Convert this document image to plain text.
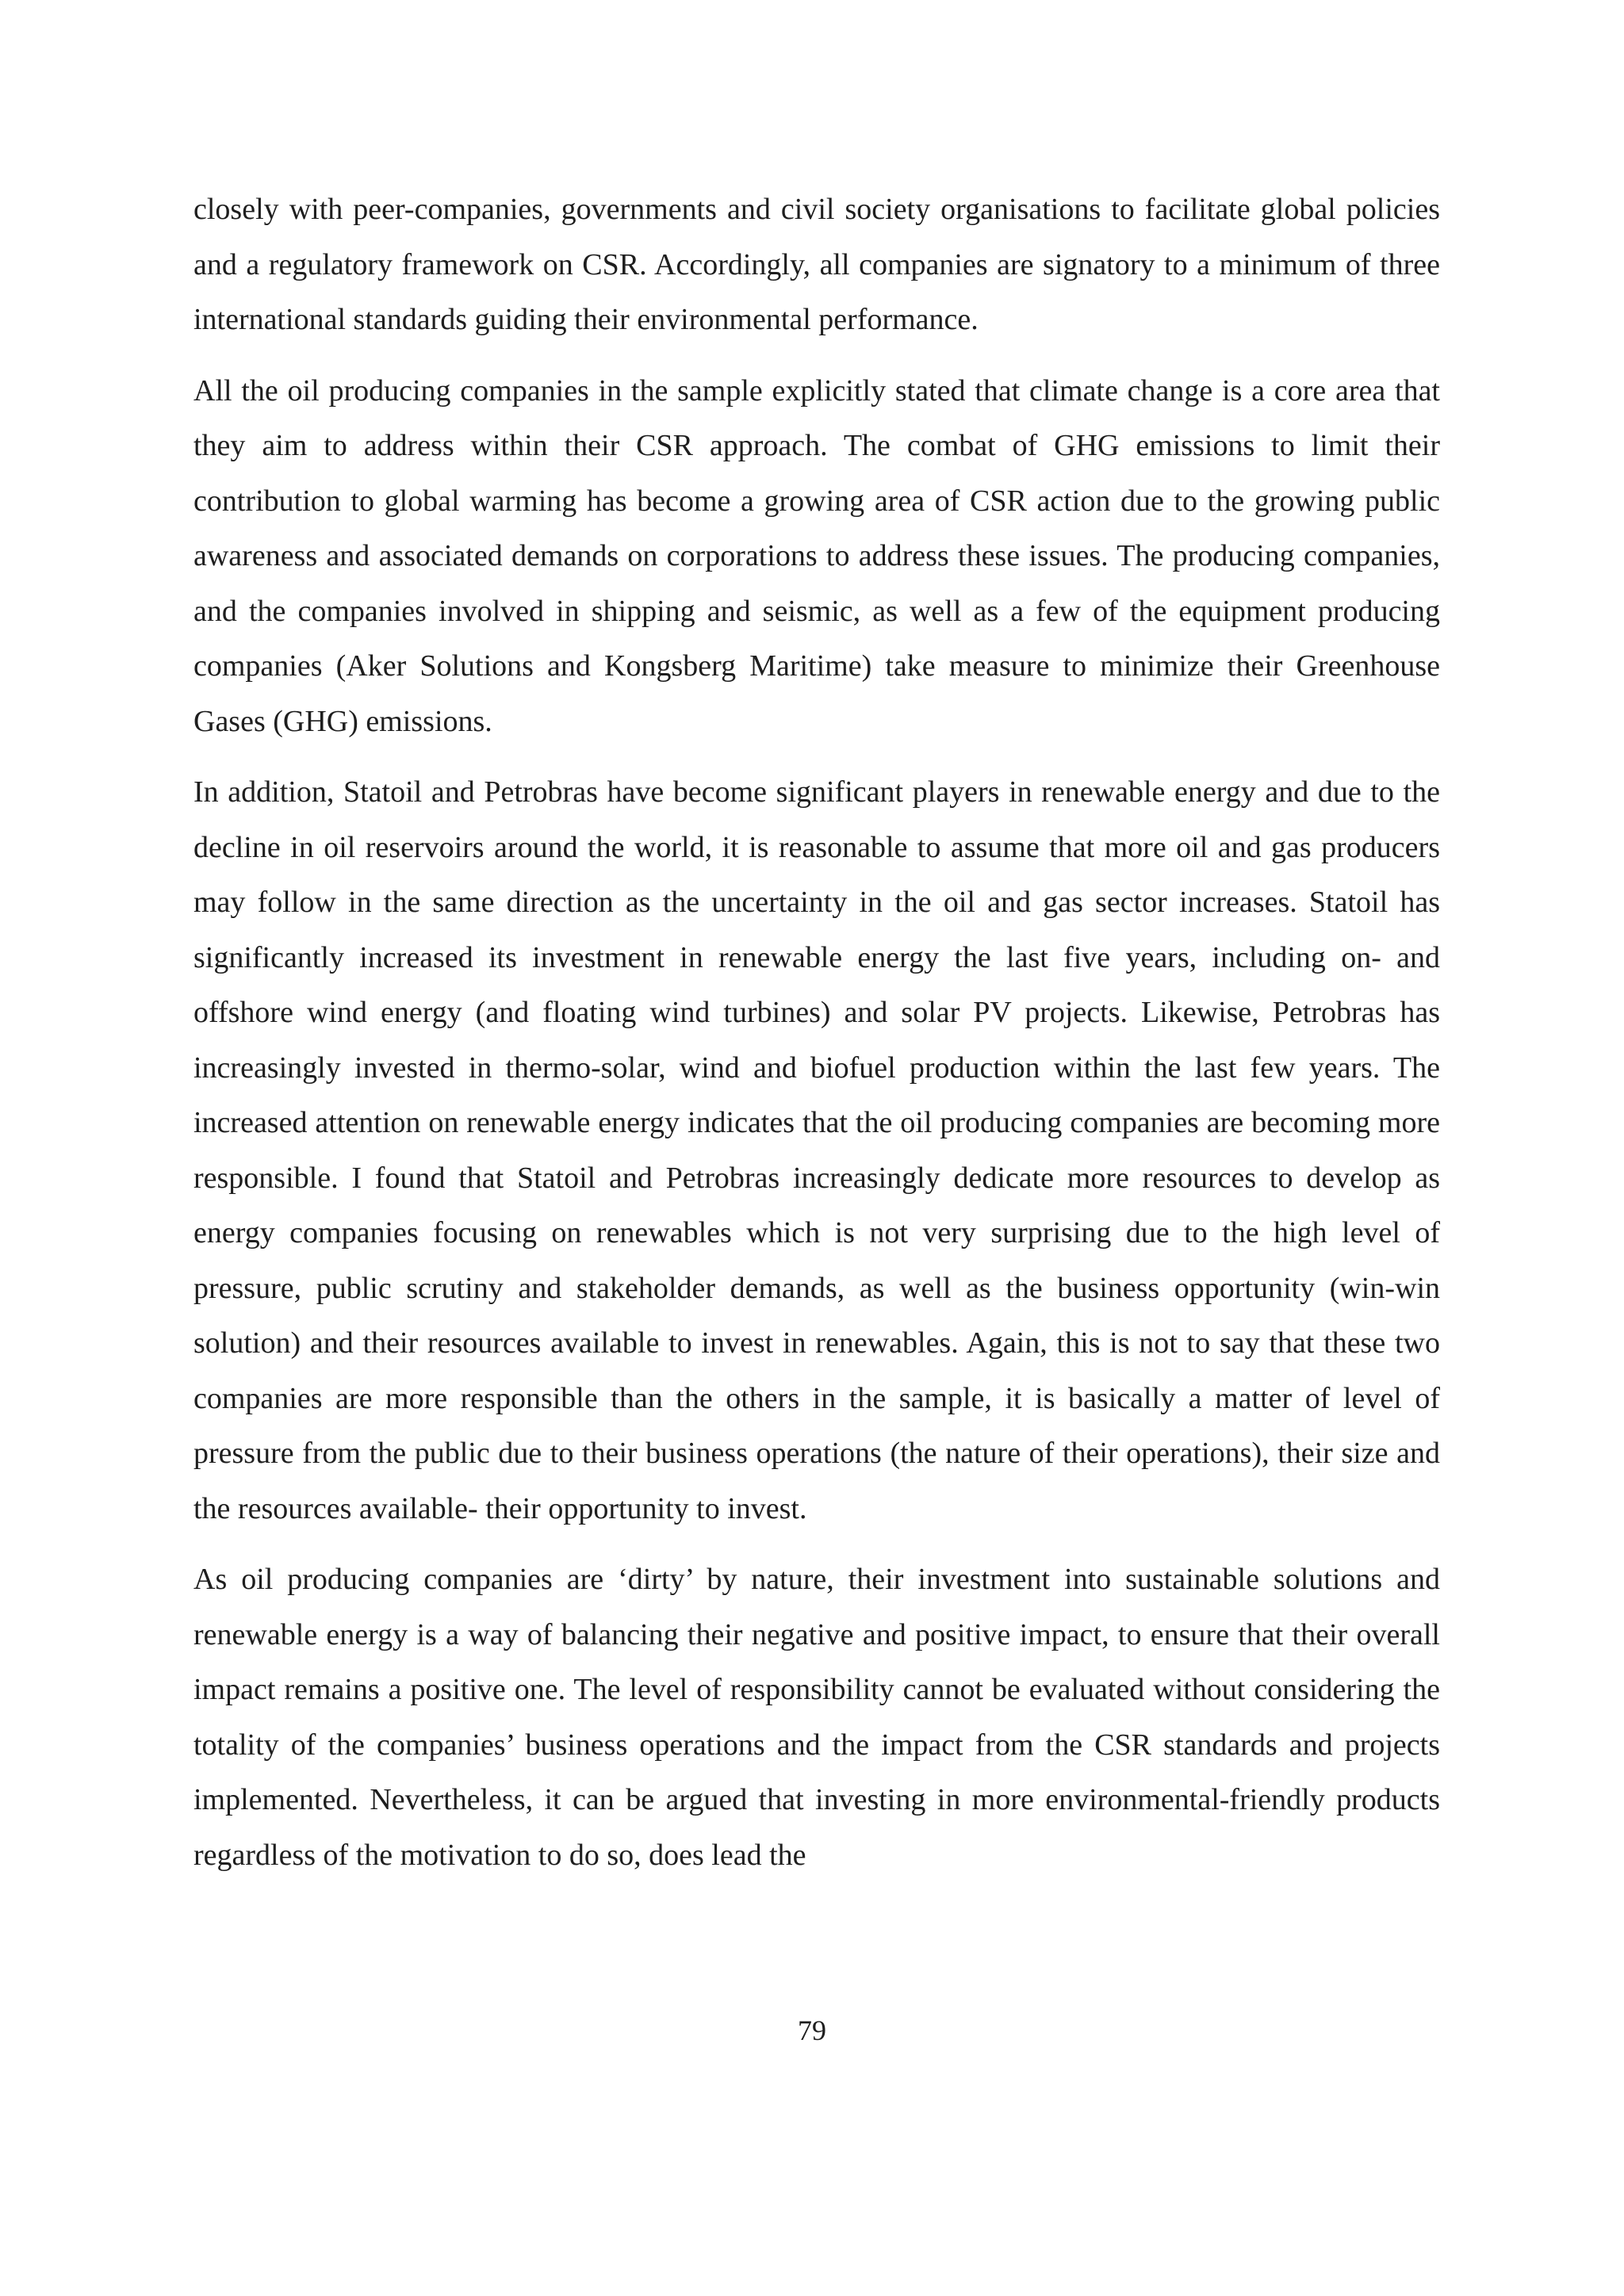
closely with peer-companies, governments and civil society organisations to facilitate global policies and a regulatory framework on CSR. Accordingly, all companies are signatory to a minimum of three international standards guiding their environmental performance.

All the oil producing companies in the sample explicitly stated that climate change is a core area that they aim to address within their CSR approach. The combat of GHG emissions to limit their contribution to global warming has become a growing area of CSR action due to the growing public awareness and associated demands on corporations to address these issues. The producing companies, and the companies involved in shipping and seismic, as well as a few of the equipment producing companies (Aker Solutions and Kongsberg Maritime) take measure to minimize their Greenhouse Gases (GHG) emissions.

In addition, Statoil and Petrobras have become significant players in renewable energy and due to the decline in oil reservoirs around the world, it is reasonable to assume that more oil and gas producers may follow in the same direction as the uncertainty in the oil and gas sector increases. Statoil has significantly increased its investment in renewable energy the last five years, including on- and offshore wind energy (and floating wind turbines) and solar PV projects. Likewise, Petrobras has increasingly invested in thermo-solar, wind and biofuel production within the last few years. The increased attention on renewable energy indicates that the oil producing companies are becoming more responsible. I found that Statoil and Petrobras increasingly dedicate more resources to develop as energy companies focusing on renewables which is not very surprising due to the high level of pressure, public scrutiny and stakeholder demands, as well as the business opportunity (win-win solution) and their resources available to invest in renewables. Again, this is not to say that these two companies are more responsible than the others in the sample, it is basically a matter of level of pressure from the public due to their business operations (the nature of their operations), their size and the resources available- their opportunity to invest.

As oil producing companies are ‘dirty’ by nature, their investment into sustainable solutions and renewable energy is a way of balancing their negative and positive impact, to ensure that their overall impact remains a positive one. The level of responsibility cannot be evaluated without considering the totality of the companies’ business operations and the impact from the CSR standards and projects implemented. Nevertheless, it can be argued that investing in more environmental-friendly products regardless of the motivation to do so, does lead the

79
